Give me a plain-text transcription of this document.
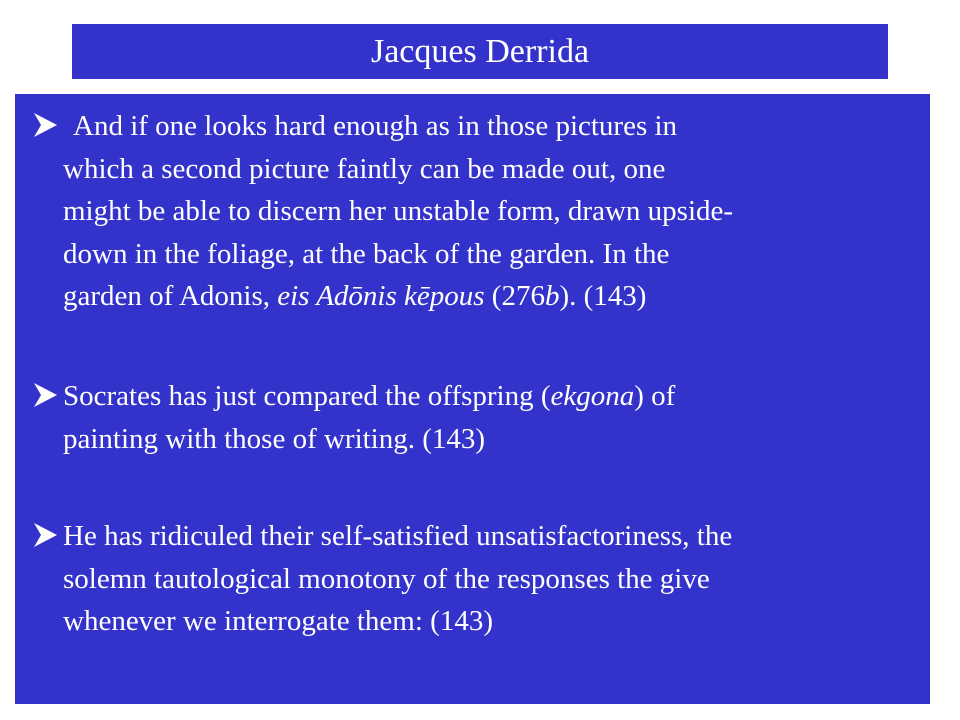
Jacques Derrida
And if one looks hard enough as in those pictures in
which a second picture faintly can be made out, one
might be able to discern her unstable form, drawn upside-
down in the foliage, at the back of the garden. In the
garden of Adonis, eis Adōnis kēpous (276b). (143)
Socrates has just compared the offspring (ekgona) of
painting with those of writing. (143)
He has ridiculed their self-satisfied unsatisfactoriness, the
solemn tautological monotony of the responses the give
whenever we interrogate them: (143)
